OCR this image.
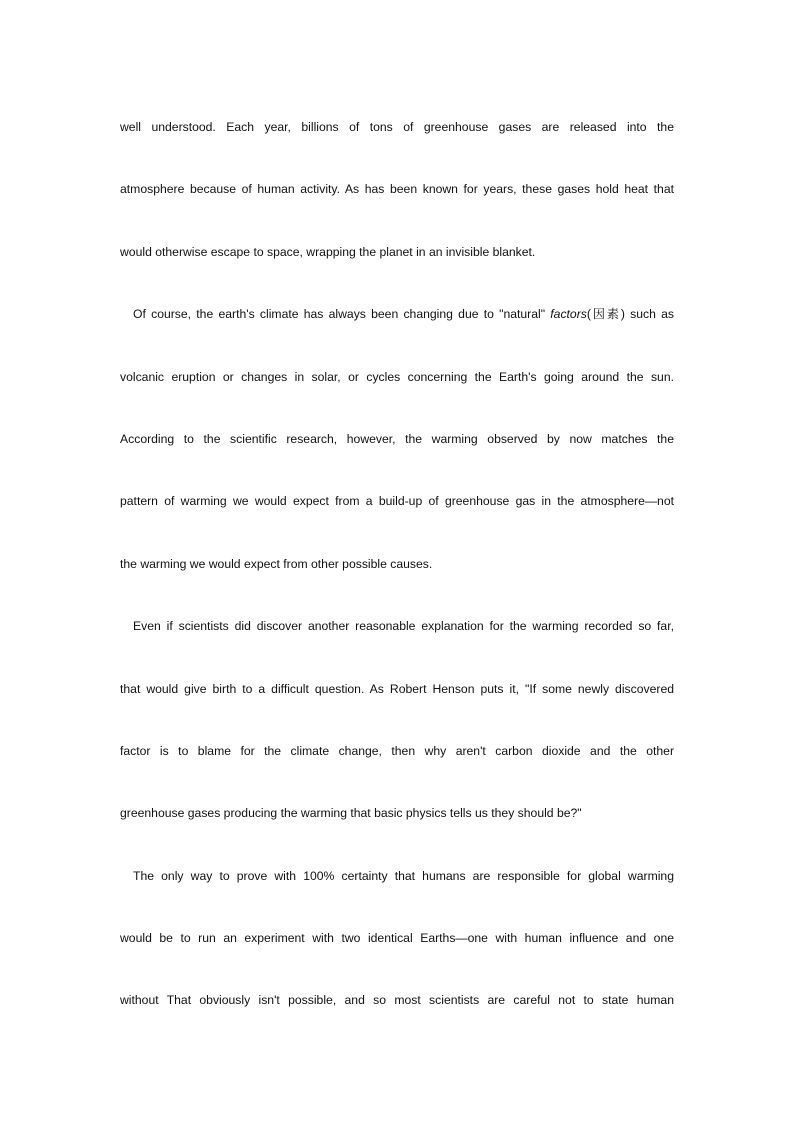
well understood. Each year, billions of tons of greenhouse gases are released into the
atmosphere because of human activity. As has been known for years, these gases hold heat that
would otherwise escape to space, wrapping the planet in an invisible blanket.
Of course, the earth's climate has always been changing due to "natural" factors(因素) such as
volcanic eruption or changes in solar, or cycles concerning the Earth's going around the sun.
According to the scientific research, however, the warming observed by now matches the
pattern of warming we would expect from a build-up of greenhouse gas in the atmosphere—not
the warming we would expect from other possible causes.
Even if scientists did discover another reasonable explanation for the warming recorded so far,
that would give birth to a difficult question. As Robert Henson puts it, "If some newly discovered
factor is to blame for the climate change, then why aren't carbon dioxide and the other
greenhouse gases producing the warming that basic physics tells us they should be?"
The only way to prove with 100% certainty that humans are responsible for global warming
would be to run an experiment with two identical Earths—one with human influence and one
without That obviously isn't possible, and so most scientists are careful not to state human
